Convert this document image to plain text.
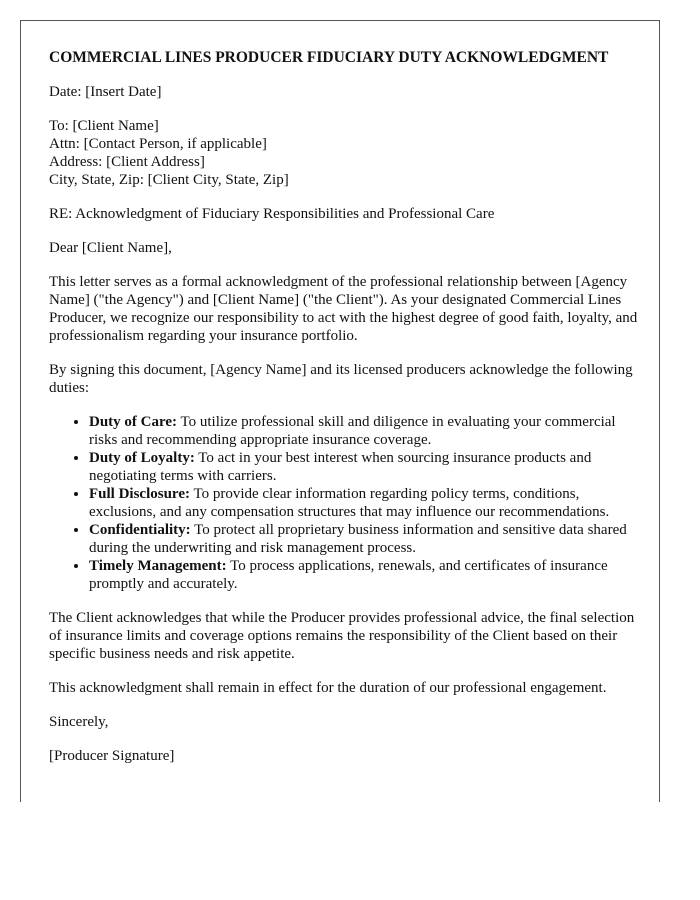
COMMERCIAL LINES PRODUCER FIDUCIARY DUTY ACKNOWLEDGMENT

Date: [Insert Date]

To: [Client Name]
Attn: [Contact Person, if applicable]
Address: [Client Address]
City, State, Zip: [Client City, State, Zip]

RE: Acknowledgment of Fiduciary Responsibilities and Professional Care

Dear [Client Name],

This letter serves as a formal acknowledgment of the professional relationship between [Agency Name] ("the Agency") and [Client Name] ("the Client"). As your designated Commercial Lines Producer, we recognize our responsibility to act with the highest degree of good faith, loyalty, and professionalism regarding your insurance portfolio.

By signing this document, [Agency Name] and its licensed producers acknowledge the following duties:

• Duty of Care: To utilize professional skill and diligence in evaluating your commercial risks and recommending appropriate insurance coverage.
• Duty of Loyalty: To act in your best interest when sourcing insurance products and negotiating terms with carriers.
• Full Disclosure: To provide clear information regarding policy terms, conditions, exclusions, and any compensation structures that may influence our recommendations.
• Confidentiality: To protect all proprietary business information and sensitive data shared during the underwriting and risk management process.
• Timely Management: To process applications, renewals, and certificates of insurance promptly and accurately.

The Client acknowledges that while the Producer provides professional advice, the final selection of insurance limits and coverage options remains the responsibility of the Client based on their specific business needs and risk appetite.

This acknowledgment shall remain in effect for the duration of our professional engagement.

Sincerely,

[Producer Signature]
